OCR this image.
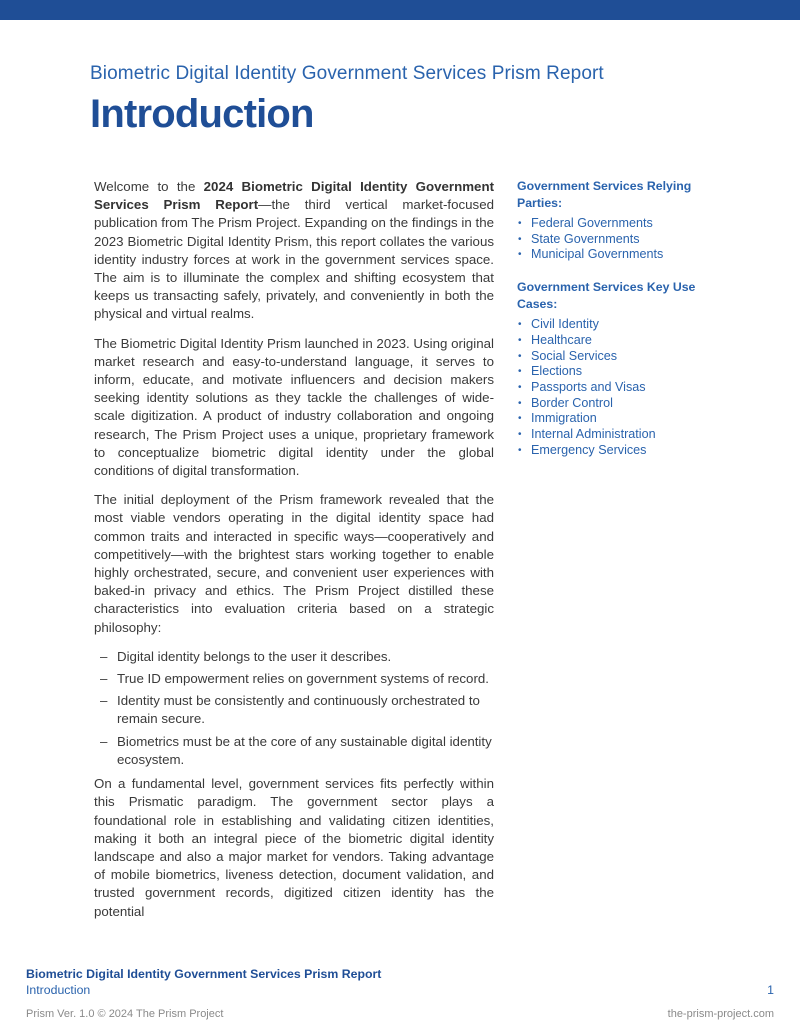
Biometric Digital Identity Government Services Prism Report
Introduction

Welcome to the 2024 Biometric Digital Identity Government Services Prism Report—the third vertical market-focused publication from The Prism Project. Expanding on the findings in the 2023 Biometric Digital Identity Prism, this report collates the various identity industry forces at work in the government services space. The aim is to illuminate the complex and shifting ecosystem that keeps us transacting safely, privately, and conveniently in both the physical and virtual realms.

The Biometric Digital Identity Prism launched in 2023. Using original market research and easy-to-understand language, it serves to inform, educate, and motivate influencers and decision makers seeking identity solutions as they tackle the challenges of wide-scale digitization. A product of industry collaboration and ongoing research, The Prism Project uses a unique, proprietary framework to conceptualize biometric digital identity under the global conditions of digital transformation.

The initial deployment of the Prism framework revealed that the most viable vendors operating in the digital identity space had common traits and interacted in specific ways—cooperatively and competitively—with the brightest stars working together to enable highly orchestrated, secure, and convenient user experiences with baked-in privacy and ethics. The Prism Project distilled these characteristics into evaluation criteria based on a strategic philosophy:

– Digital identity belongs to the user it describes.
– True ID empowerment relies on government systems of record.
– Identity must be consistently and continuously orchestrated to remain secure.
– Biometrics must be at the core of any sustainable digital identity ecosystem.

On a fundamental level, government services fits perfectly within this Prismatic paradigm. The government sector plays a foundational role in establishing and validating citizen identities, making it both an integral piece of the biometric digital identity landscape and also a major market for vendors. Taking advantage of mobile biometrics, liveness detection, document validation, and trusted government records, digitized citizen identity has the potential

Government Services Relying Parties:
• Federal Governments
• State Governments
• Municipal Governments
Government Services Key Use Cases:
• Civil Identity
• Healthcare
• Social Services
• Elections
• Passports and Visas
• Border Control
• Immigration
• Internal Administration
• Emergency Services
Biometric Digital Identity Government Services Prism Report
Introduction	1
Prism Ver. 1.0 © 2024 The Prism Project	the-prism-project.com
